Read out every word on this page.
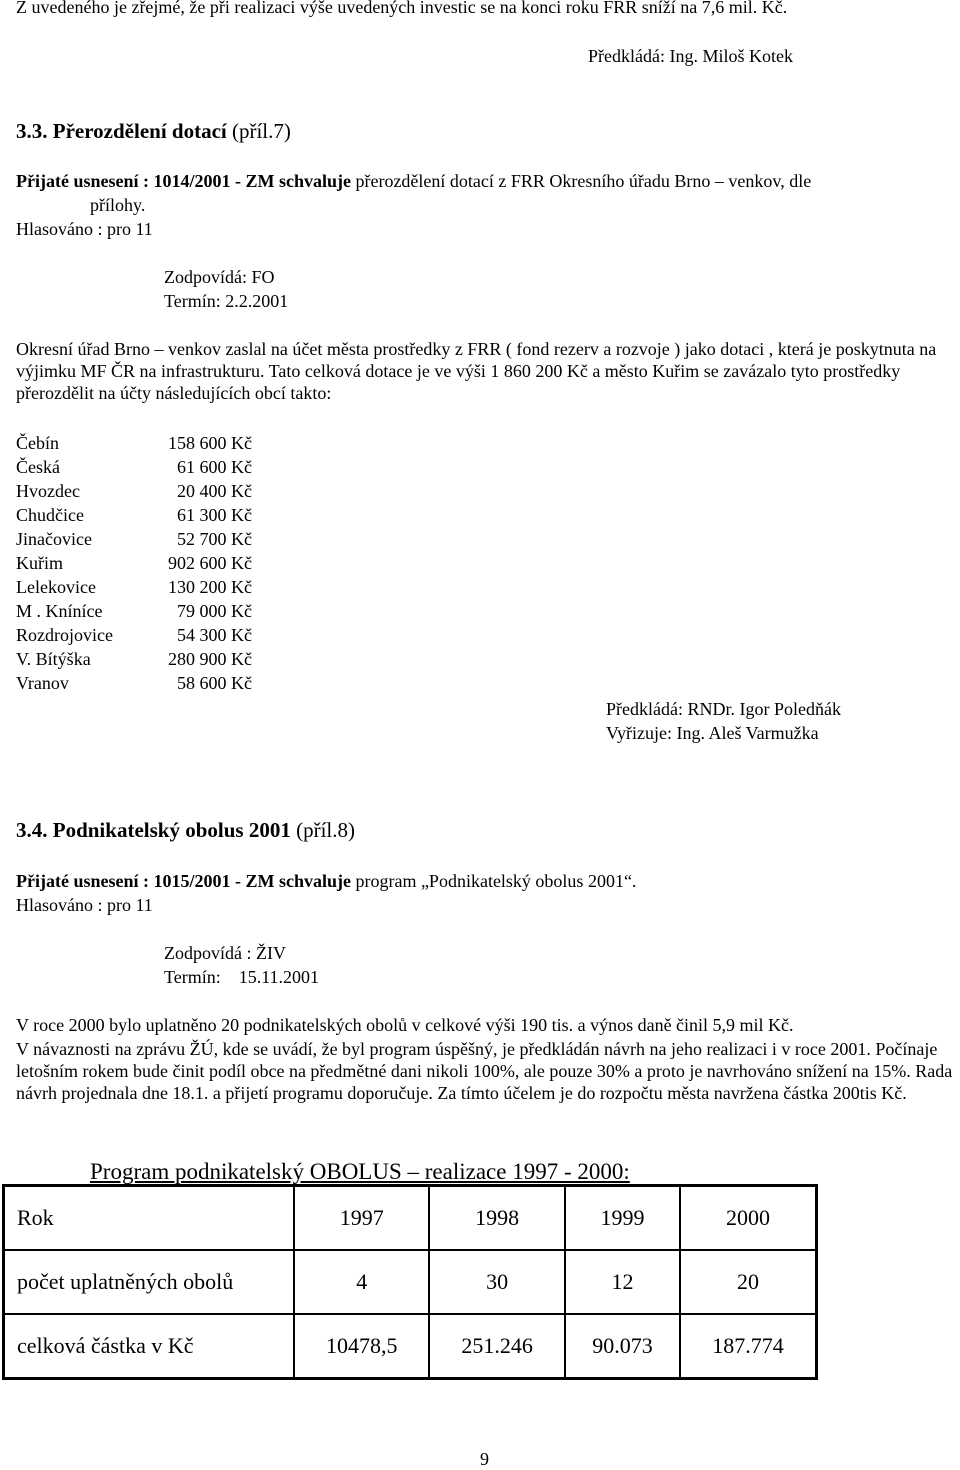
Z uvedeného je zřejmé, že při realizaci výše uvedených investic se na konci roku FRR sníží na 7,6 mil. Kč.
Předkládá: Ing. Miloš Kotek
3.3. Přerozdělení dotací (příl.7)
Přijaté usnesení : 1014/2001 - ZM schvaluje přerozdělení dotací z FRR Okresního úřadu Brno – venkov, dle
přílohy.
Hlasováno : pro 11
Zodpovídá: FO
Termín: 2.2.2001
Okresní úřad Brno – venkov zaslal na účet města prostředky z FRR ( fond rezerv a rozvoje ) jako dotaci , která je poskytnuta na výjimku MF ČR na infrastrukturu. Tato celková dotace je ve výši 1 860 200 Kč a město Kuřim se zavázalo tyto prostředky přerozdělit na účty následujících obcí takto:
Čebín	158 600 Kč
Česká	61 600 Kč
Hvozdec	20 400 Kč
Chudčice	61 300 Kč
Jinačovice	52 700 Kč
Kuřim	902 600 Kč
Lelekovice	130 200 Kč
M . Kníníce	79 000 Kč
Rozdrojovice	54 300 Kč
V. Bítýška	280 900 Kč
Vranov	58 600 Kč
Předkládá: RNDr. Igor Poledňák
Vyřizuje: Ing. Aleš Varmužka
3.4. Podnikatelský obolus 2001 (příl.8)
Přijaté usnesení : 1015/2001 - ZM schvaluje program „Podnikatelský obolus 2001“.
Hlasováno : pro 11
Zodpovídá : ŽIV
Termín:    15.11.2001
V roce 2000 bylo uplatněno 20 podnikatelských obolů v celkové výši 190 tis. a výnos daně činil 5,9 mil Kč.
V návaznosti na zprávu ŽÚ, kde se uvádí, že byl program úspěšný, je předkládán návrh na jeho realizaci i v roce 2001. Počínaje letošním rokem bude činit podíl obce na předmětné dani nikoli 100%, ale pouze 30% a proto je navrhováno snížení na 15%. Rada návrh projednala dne 18.1. a přijetí programu doporučuje. Za tímto účelem je do rozpočtu města navržena částka 200tis Kč.
Program podnikatelský OBOLUS – realizace 1997 - 2000:
Rok	1997	1998	1999	2000
počet uplatněných obolů	4	30	12	20
celková částka v Kč	10478,5	251.246	90.073	187.774
9
